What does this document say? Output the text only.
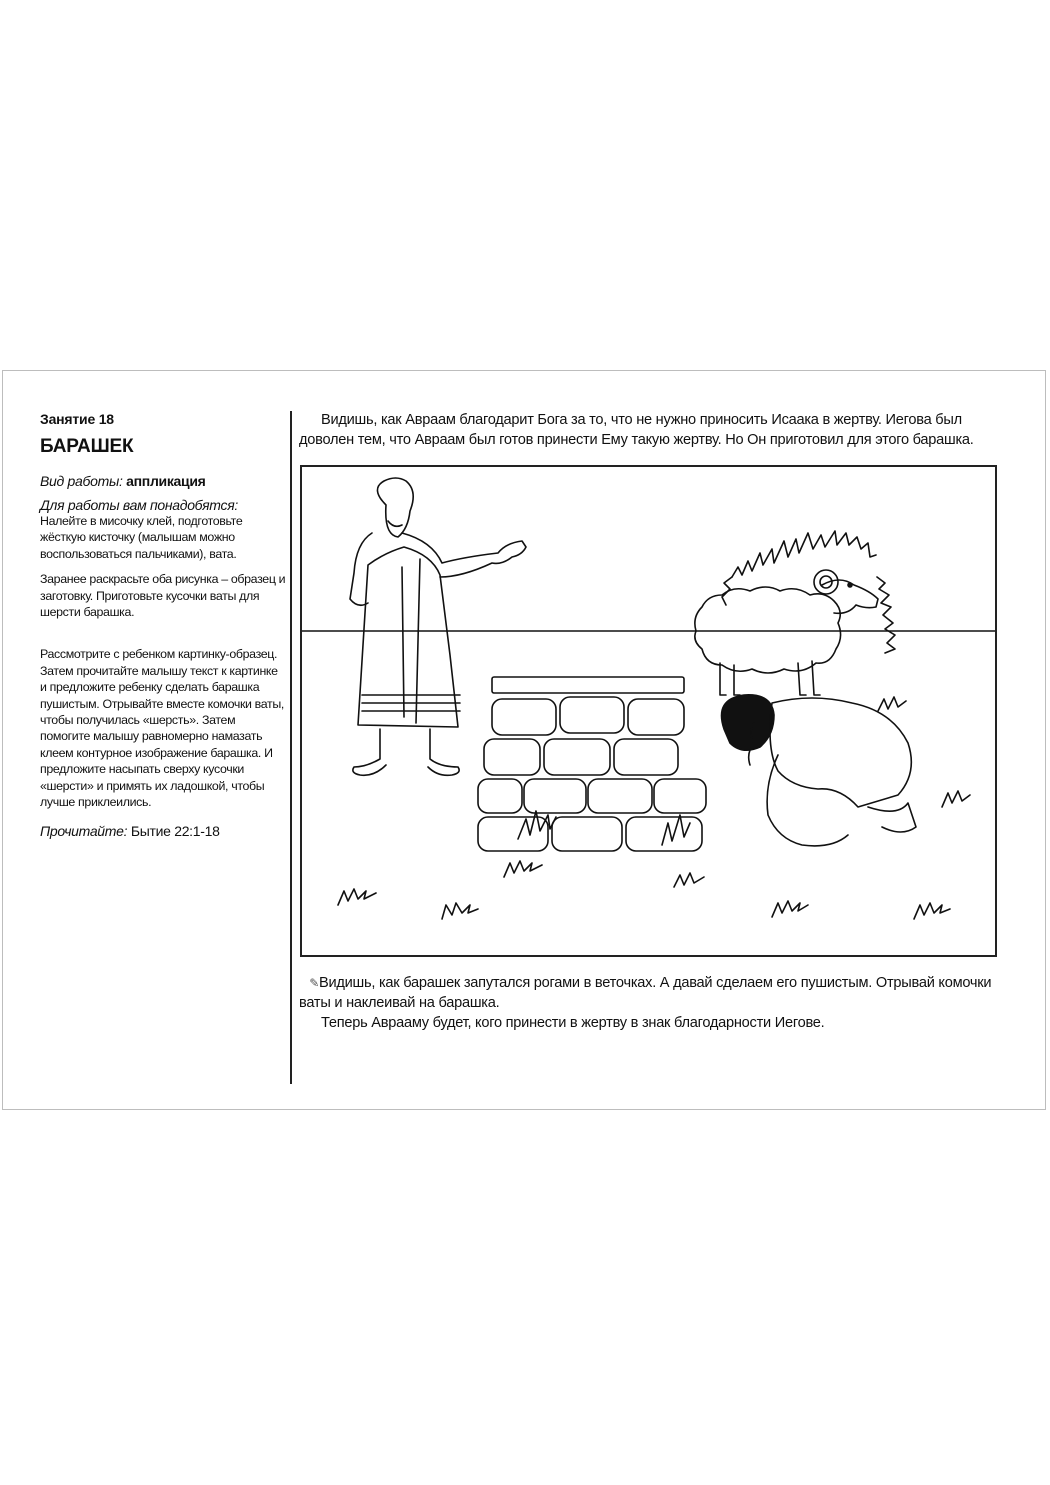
Занятие 18

БАРАШЕК

Вид работы: аппликация

Для работы вам понадобятся:

Налейте в мисочку клей, подготовьте жёсткую кисточку (малышам можно воспользоваться пальчиками), вата.

Заранее раскрасьте оба рисунка – образец и заготовку. Приготовьте кусочки ваты для шерсти барашка.

Рассмотрите с ребенком картинку-образец. Затем прочитайте малышу текст к картинке и предложите ребенку сделать барашка пушистым. Отрывайте вместе комочки ваты, чтобы получилась «шерсть». Затем помогите малышу равномерно намазать клеем контурное изображение барашка. И предложите насыпать сверху кусочки «шерсти» и примять их ладошкой, чтобы лучше приклеились.

Прочитайте: Бытие 22:1-18

Видишь, как Авраам благодарит Бога за то, что не нужно приносить Исаака в жертву. Иегова был доволен тем, что Авраам был готов принести Ему такую жертву. Но Он приготовил для этого барашка.

✎Видишь, как барашек запутался рогами в веточках. А давай сделаем его пушистым. Отрывай комочки ваты и наклеивай на барашка.
Теперь Аврааму будет, кого принести в жертву в знак благодарности Иегове.
